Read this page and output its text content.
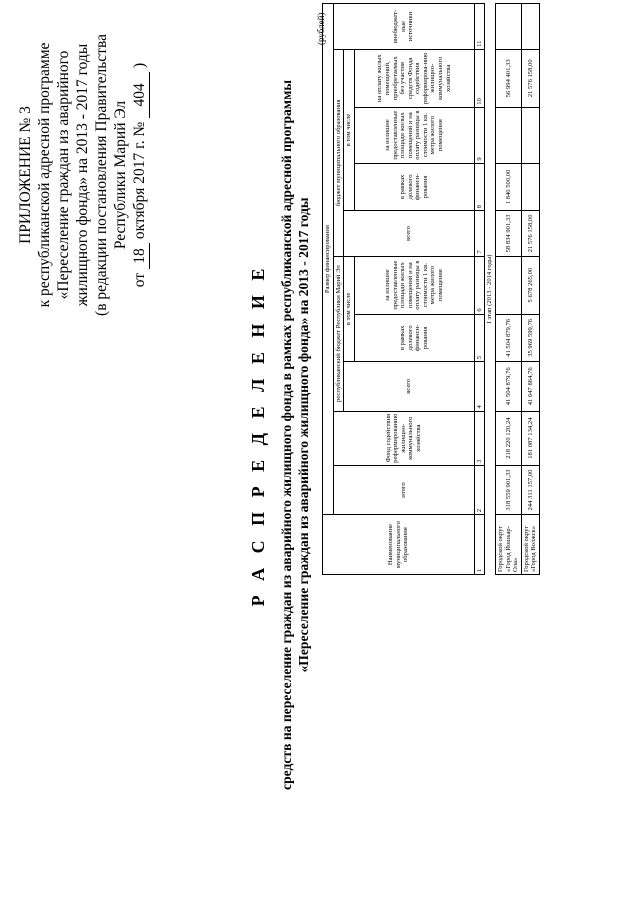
ПРИЛОЖЕНИЕ № 3 к республиканской адресной программе «Переселение граждан из аварийного жилищного фонда» на 2013 - 2017 годы (в редакции постановления Правительства Республики Марий Эл
от 18 октября 2017 г. № 404 )
Р А С П Р Е Д Е Л Е Н И Е средств на переселение граждан из аварийного жилищного фонда в рамках республиканской адресной программы «Переселение граждан из аварийного жилищного фонда» на 2013 - 2017 годы
(рублей)
Наименование муниципального образования	Размер финансирования									
	итого	Фонд содействия реформированию жилищно-коммунального хозяйства	республиканский бюджет Республики Марий Эл			бюджет муниципального образования				внебюджет-ные источники
			всего	в том числе		всего	в том числе			
				в рамках долевого финанси-рования	за излишне предоставленные площади жилых помещений и на оплату разницы в стоимости 1 кв. метра жилого помещения		в рамках долевого финанси-рования	за излишне предоставленные площади жилых помещений и на оплату разницы в стоимости 1 кв. метра жилого помещения	на оплату жилых помещений, приобретаемых без участия средств Фонда содействия реформирова-нию жилищно-коммунального хозяйства	
1	2	3	4	5	6	7	8	9	10	11
I этап (2013 - 2014 годы)										
Городской округ «Город Йошкар-Ола»	318 559 901,33	218 220 120,24	41 504 879,76	41 504 879,76		58 834 901,33	1 840 500,00		56 994 401,33	
Городской округ «Город Волжск»	244 311 157,00	181 087 134,24	41 647 864,76	35 969 599,76	5 678 265,00	21 576 158,00			21 576 158,00	
